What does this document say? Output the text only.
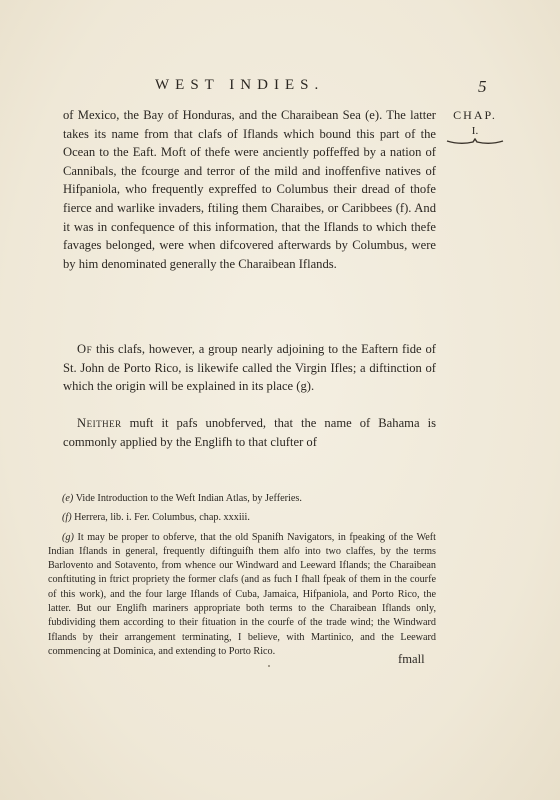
WEST INDIES.	5
CHAP.
I.

of Mexico, the Bay of Honduras, and the Charaibean Sea (e). The latter takes its name from that clafs of Iflands which bound this part of the Ocean to the Eaft. Moft of thefe were anciently poffeffed by a nation of Cannibals, the fcourge and terror of the mild and inoffenfive natives of Hifpaniola, who frequently expreffed to Columbus their dread of thofe fierce and warlike invaders, ftiling them Charaibes, or Caribbees (f). And it was in confequence of this information, that the Iflands to which thefe favages belonged, were when difcovered afterwards by Columbus, were by him denominated generally the Charaibean Iflands.

Of this clafs, however, a group nearly adjoining to the Eaftern fide of St. John de Porto Rico, is likewife called the Virgin Ifles; a diftinction of which the origin will be explained in its place (g).

Neither muft it pafs unobferved, that the name of Bahama is commonly applied by the Englifh to that clufter of

(e) Vide Introduction to the Weft Indian Atlas, by Jefferies.

(f) Herrera, lib. i. Fer. Columbus, chap. xxxiii.

(g) It may be proper to obferve, that the old Spanifh Navigators, in fpeaking of the Weft Indian Iflands in general, frequently diftinguifh them alfo into two claffes, by the terms Barlovento and Sotavento, from whence our Windward and Leeward Iflands; the Charaibean conftituting in ftrict propriety the former clafs (and as fuch I fhall fpeak of them in the courfe of this work), and the four large Iflands of Cuba, Jamaica, Hifpaniola, and Porto Rico, the latter. But our Englifh mariners appropriate both terms to the Charaibean Iflands only, fubdividing them according to their fituation in the courfe of the trade wind; the Windward Iflands by their arrangement terminating, I believe, with Martinico, and the Leeward commencing at Dominica, and extending to Porto Rico.

fmall
